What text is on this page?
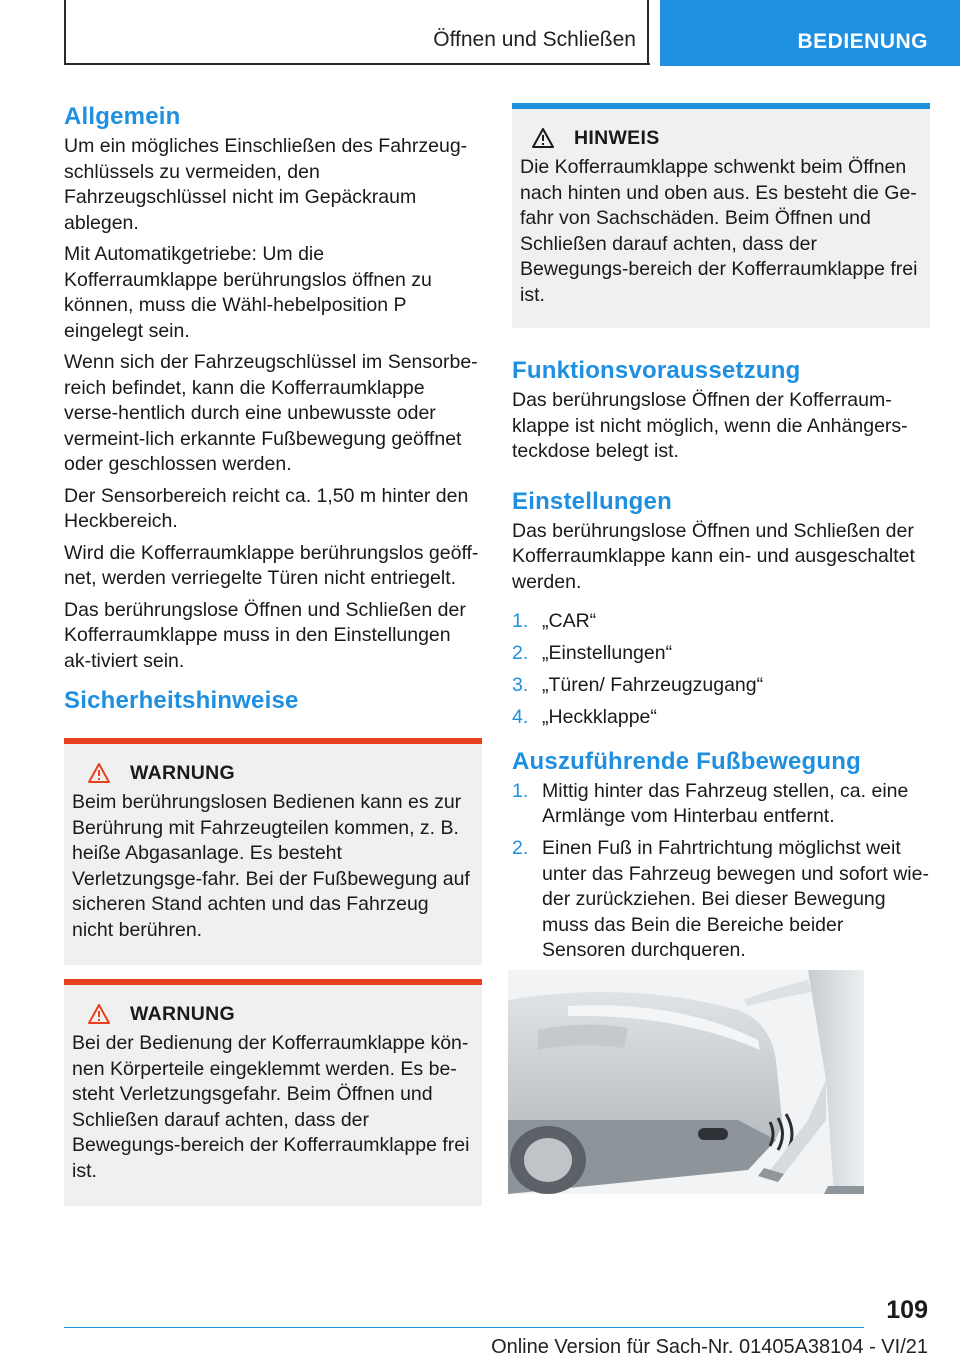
Öffnen und Schließen	BEDIENUNG
Allgemein

Um ein mögliches Einschließen des Fahrzeug-schlüssels zu vermeiden, den Fahrzeugschlüssel nicht im Gepäckraum ablegen.

Mit Automatikgetriebe: Um die Kofferraumklappe berührungslos öffnen zu können, muss die Wähl-hebelposition P eingelegt sein.

Wenn sich der Fahrzeugschlüssel im Sensorbe-reich befindet, kann die Kofferraumklappe verse-hentlich durch eine unbewusste oder vermeint-lich erkannte Fußbewegung geöffnet oder geschlossen werden.

Der Sensorbereich reicht ca. 1,50 m hinter den Heckbereich.

Wird die Kofferraumklappe berührungslos geöff-net, werden verriegelte Türen nicht entriegelt.

Das berührungslose Öffnen und Schließen der Kofferraumklappe muss in den Einstellungen ak-tiviert sein.

Sicherheitshinweise
WARNUNG

Beim berührungslosen Bedienen kann es zur Berührung mit Fahrzeugteilen kommen, z. B. heiße Abgasanlage. Es besteht Verletzungsge-fahr. Bei der Fußbewegung auf sicheren Stand achten und das Fahrzeug nicht berühren.

WARNUNG

Bei der Bedienung der Kofferraumklappe kön-nen Körperteile eingeklemmt werden. Es be-steht Verletzungsgefahr. Beim Öffnen und Schließen darauf achten, dass der Bewegungs-bereich der Kofferraumklappe frei ist.

HINWEIS

Die Kofferraumklappe schwenkt beim Öffnen nach hinten und oben aus. Es besteht die Ge-fahr von Sachschäden. Beim Öffnen und Schließen darauf achten, dass der Bewegungs-bereich der Kofferraumklappe frei ist.

Funktionsvoraussetzung

Das berührungslose Öffnen der Kofferraum-klappe ist nicht möglich, wenn die Anhängers-teckdose belegt ist.

Einstellungen

Das berührungslose Öffnen und Schließen der Kofferraumklappe kann ein- und ausgeschaltet werden.

1. „CAR“
2. „Einstellungen“
3. „Türen/ Fahrzeugzugang“
4. „Heckklappe“
Auszuführende Fußbewegung
1. Mittig hinter das Fahrzeug stellen, ca. eine Armlänge vom Hinterbau entfernt.
2. Einen Fuß in Fahrtrichtung möglichst weit unter das Fahrzeug bewegen und sofort wie-der zurückziehen. Bei dieser Bewegung muss das Bein die Bereiche beider Sensoren durchqueren.
109
Online Version für Sach-Nr. 01405A38104 - VI/21
